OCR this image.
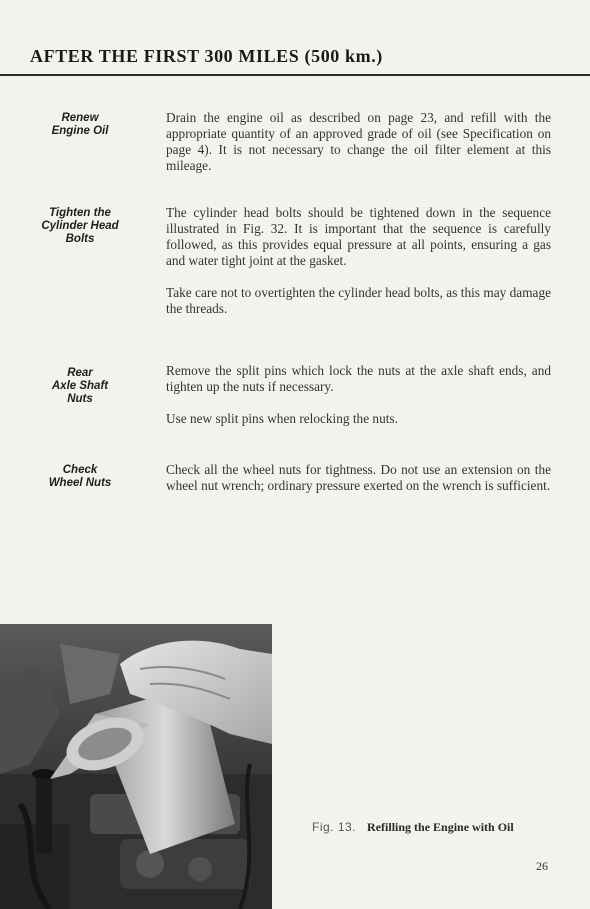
AFTER THE FIRST 300 MILES (500 km.)
Renew
Engine Oil

Drain the engine oil as described on page 23, and refill with the appropriate quantity of an approved grade of oil (see Specification on page 4). It is not necessary to change the oil filter element at this mileage.

Tighten the
Cylinder Head
Bolts

The cylinder head bolts should be tightened down in the sequence illustrated in Fig. 32. It is important that the sequence is carefully followed, as this provides equal pressure at all points, ensuring a gas and water tight joint at the gasket.

Take care not to overtighten the cylinder head bolts, as this may damage the threads.

Rear
Axle Shaft
Nuts

Remove the split pins which lock the nuts at the axle shaft ends, and tighten up the nuts if necessary.

Use new split pins when relocking the nuts.

Check
Wheel Nuts

Check all the wheel nuts for tightness. Do not use an extension on the wheel nut wrench; ordinary pressure exerted on the wrench is sufficient.

Fig. 13. Refilling the Engine with Oil
26
